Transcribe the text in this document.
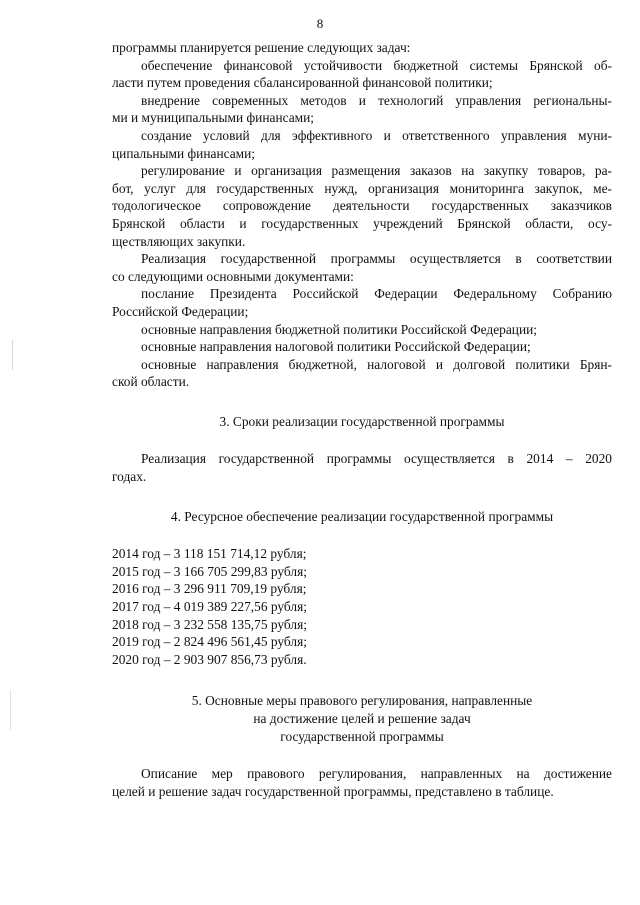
8

программы планируется решение следующих задач:

обеспечение финансовой устойчивости бюджетной системы Брянской об-

ласти путем проведения сбалансированной финансовой политики;

внедрение современных методов и технологий управления региональны-

ми и муниципальными финансами;

создание условий для эффективного и ответственного управления муни-

ципальными финансами;

регулирование и организация размещения заказов на закупку товаров, ра-

бот, услуг для государственных нужд, организация мониторинга закупок, ме-

тодологическое сопровождение деятельности государственных заказчиков

Брянской области и государственных учреждений Брянской области, осу-

ществляющих закупки.

Реализация государственной программы осуществляется в соответствии

со следующими основными документами:

послание Президента Российской Федерации Федеральному Собранию

Российской Федерации;

основные направления бюджетной политики Российской Федерации;

основные направления налоговой политики Российской Федерации;

основные направления бюджетной, налоговой и долговой политики Брян-

ской области.

3. Сроки реализации государственной программы

Реализация государственной программы осуществляется в 2014 – 2020

годах.

4. Ресурсное обеспечение реализации государственной программы

2014 год – 3 118 151 714,12 рубля;

2015 год – 3 166 705 299,83 рубля;

2016 год – 3 296 911 709,19 рубля;

2017 год – 4 019 389 227,56 рубля;

2018 год – 3 232 558 135,75 рубля;

2019 год – 2 824 496 561,45 рубля;

2020 год – 2 903 907 856,73 рубля.

5. Основные меры правового регулирования, направленные

на достижение целей и решение задач

государственной программы

Описание мер правового регулирования, направленных на достижение

целей и решение задач государственной программы, представлено в таблице.
